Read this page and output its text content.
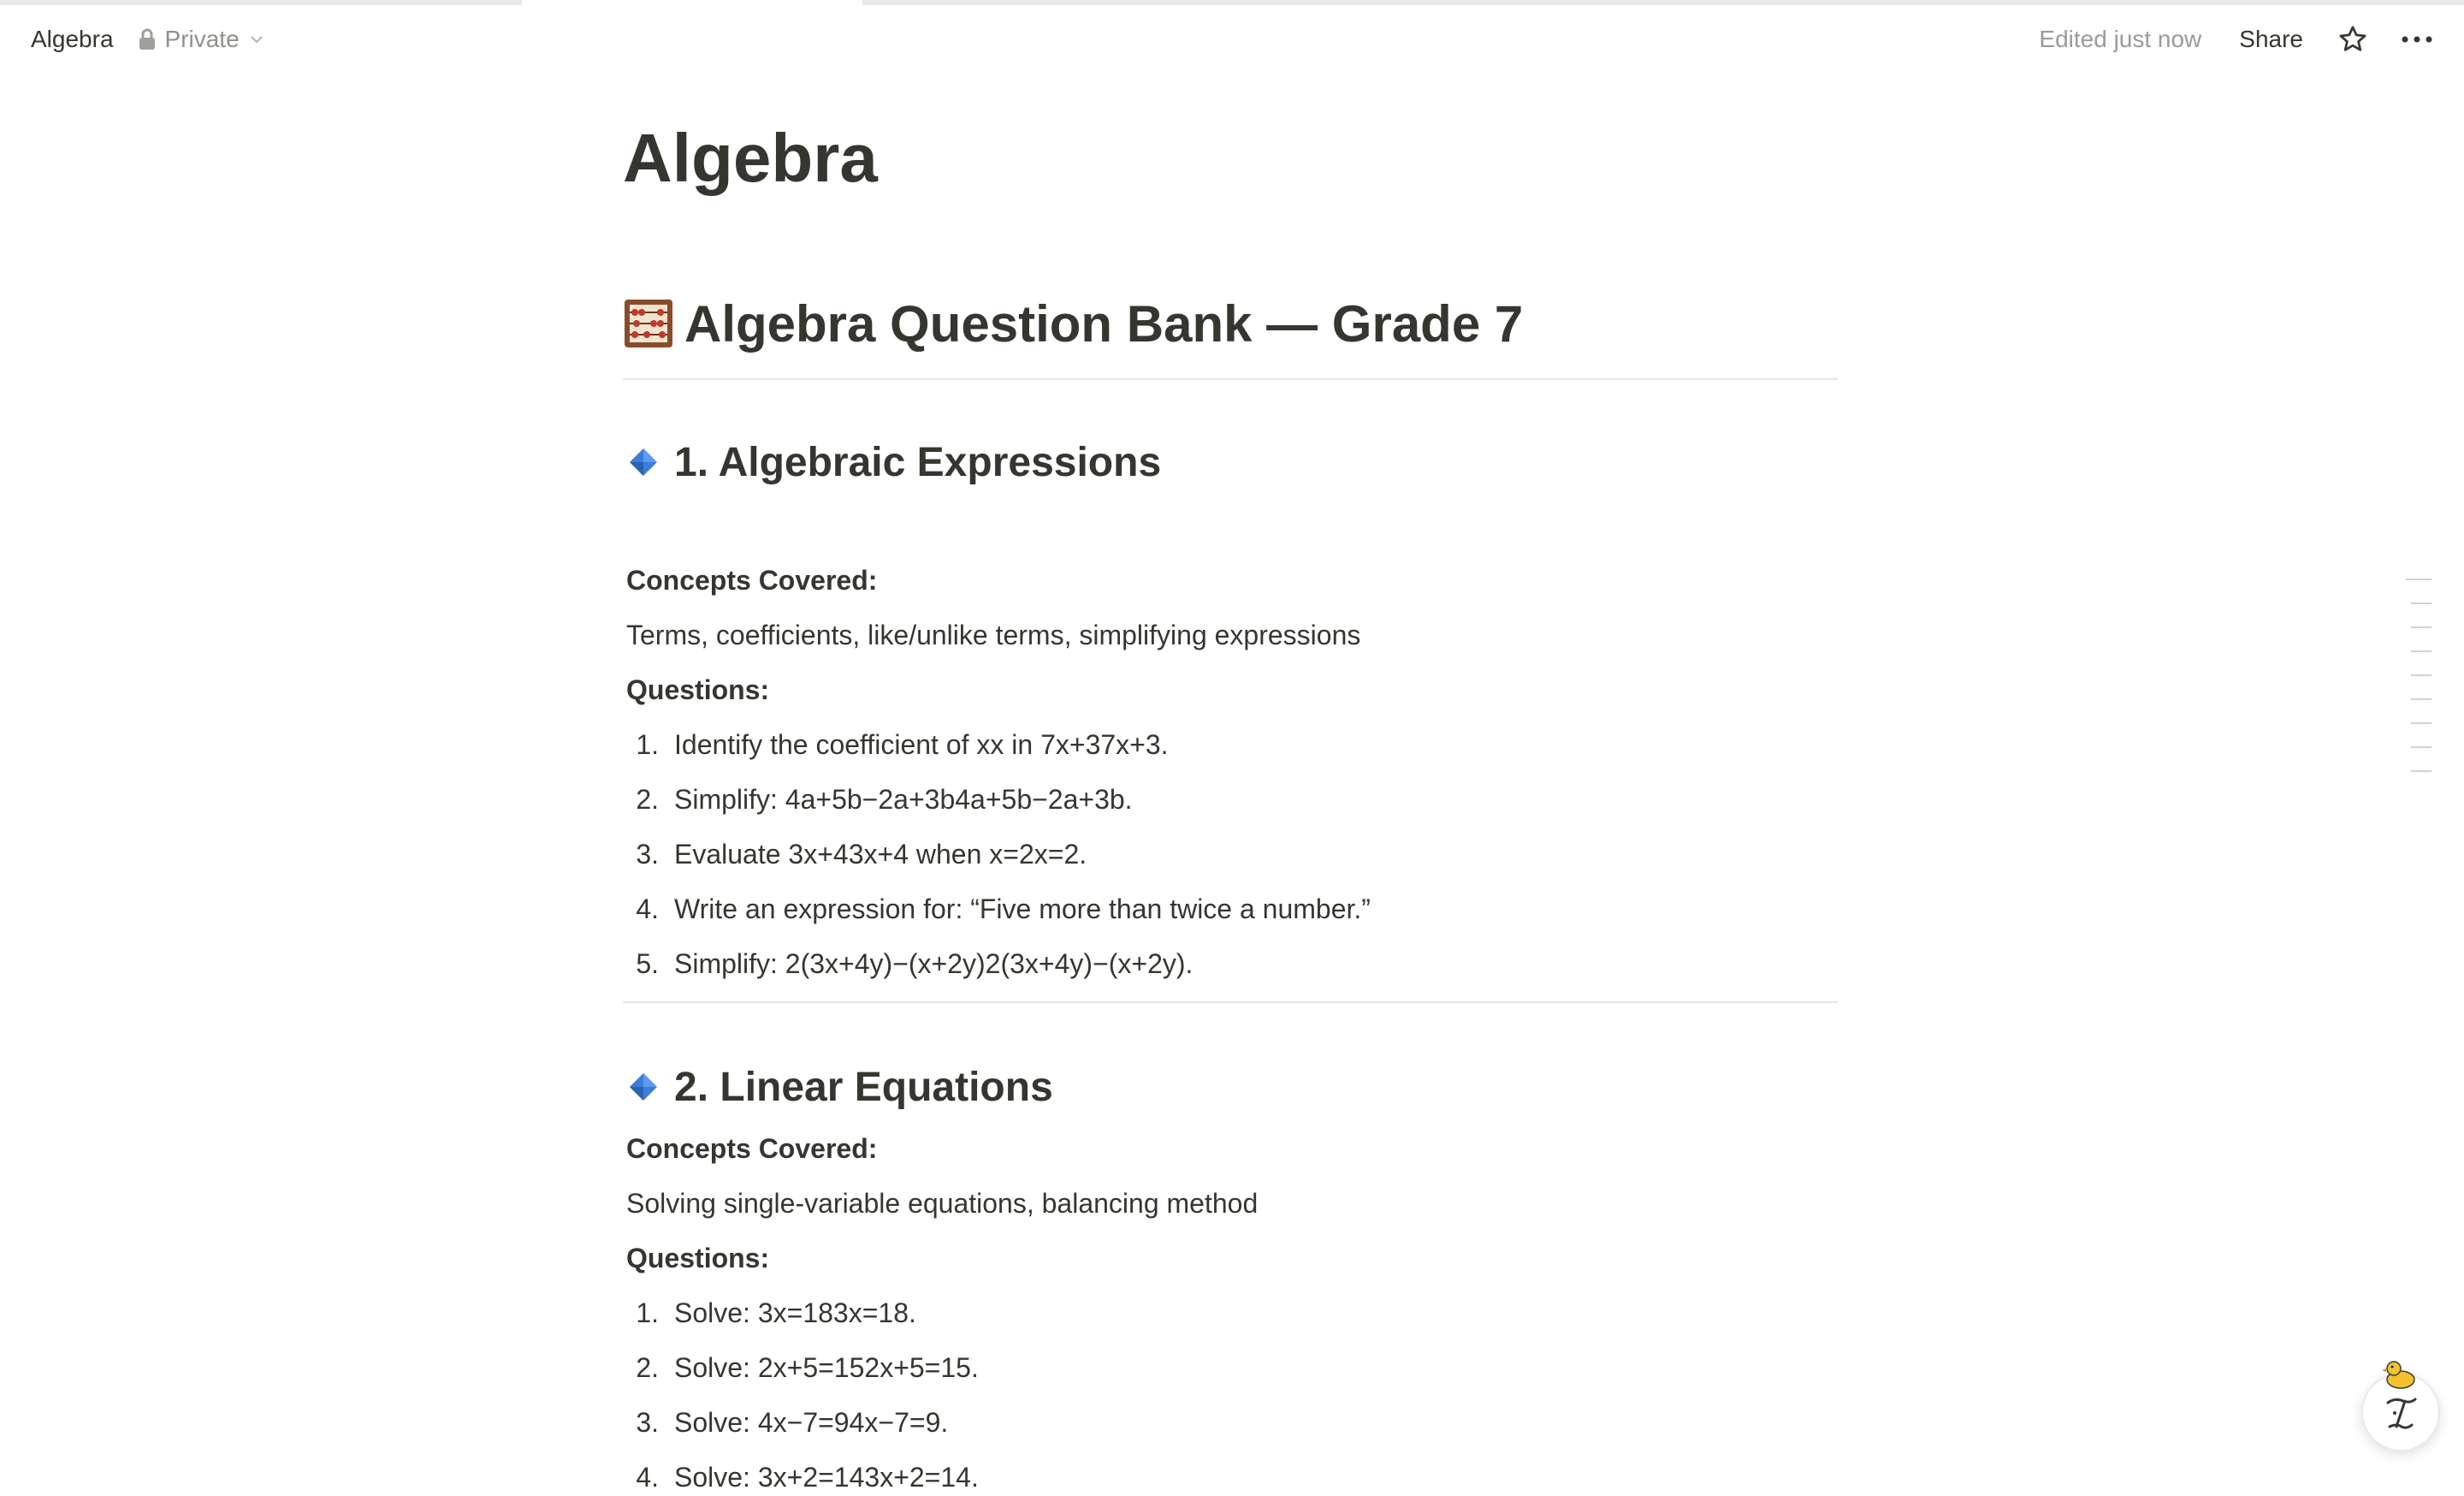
Algebra Private	Edited just now Share
Algebra
Algebra Question Bank — Grade 7
1. Algebraic Expressions
Concepts Covered:
Terms, coefficients, like/unlike terms, simplifying expressions
Questions:
1. Identify the coefficient of xx in 7x+37x+3.
2. Simplify: 4a+5b−2a+3b4a+5b−2a+3b.
3. Evaluate 3x+43x+4 when x=2x=2.
4. Write an expression for: “Five more than twice a number.”
5. Simplify: 2(3x+4y)−(x+2y)2(3x+4y)−(x+2y).
2. Linear Equations
Concepts Covered:
Solving single-variable equations, balancing method
Questions:
1. Solve: 3x=183x=18.
2. Solve: 2x+5=152x+5=15.
3. Solve: 4x−7=94x−7=9.
4. Solve: 3x+2=143x+2=14.
